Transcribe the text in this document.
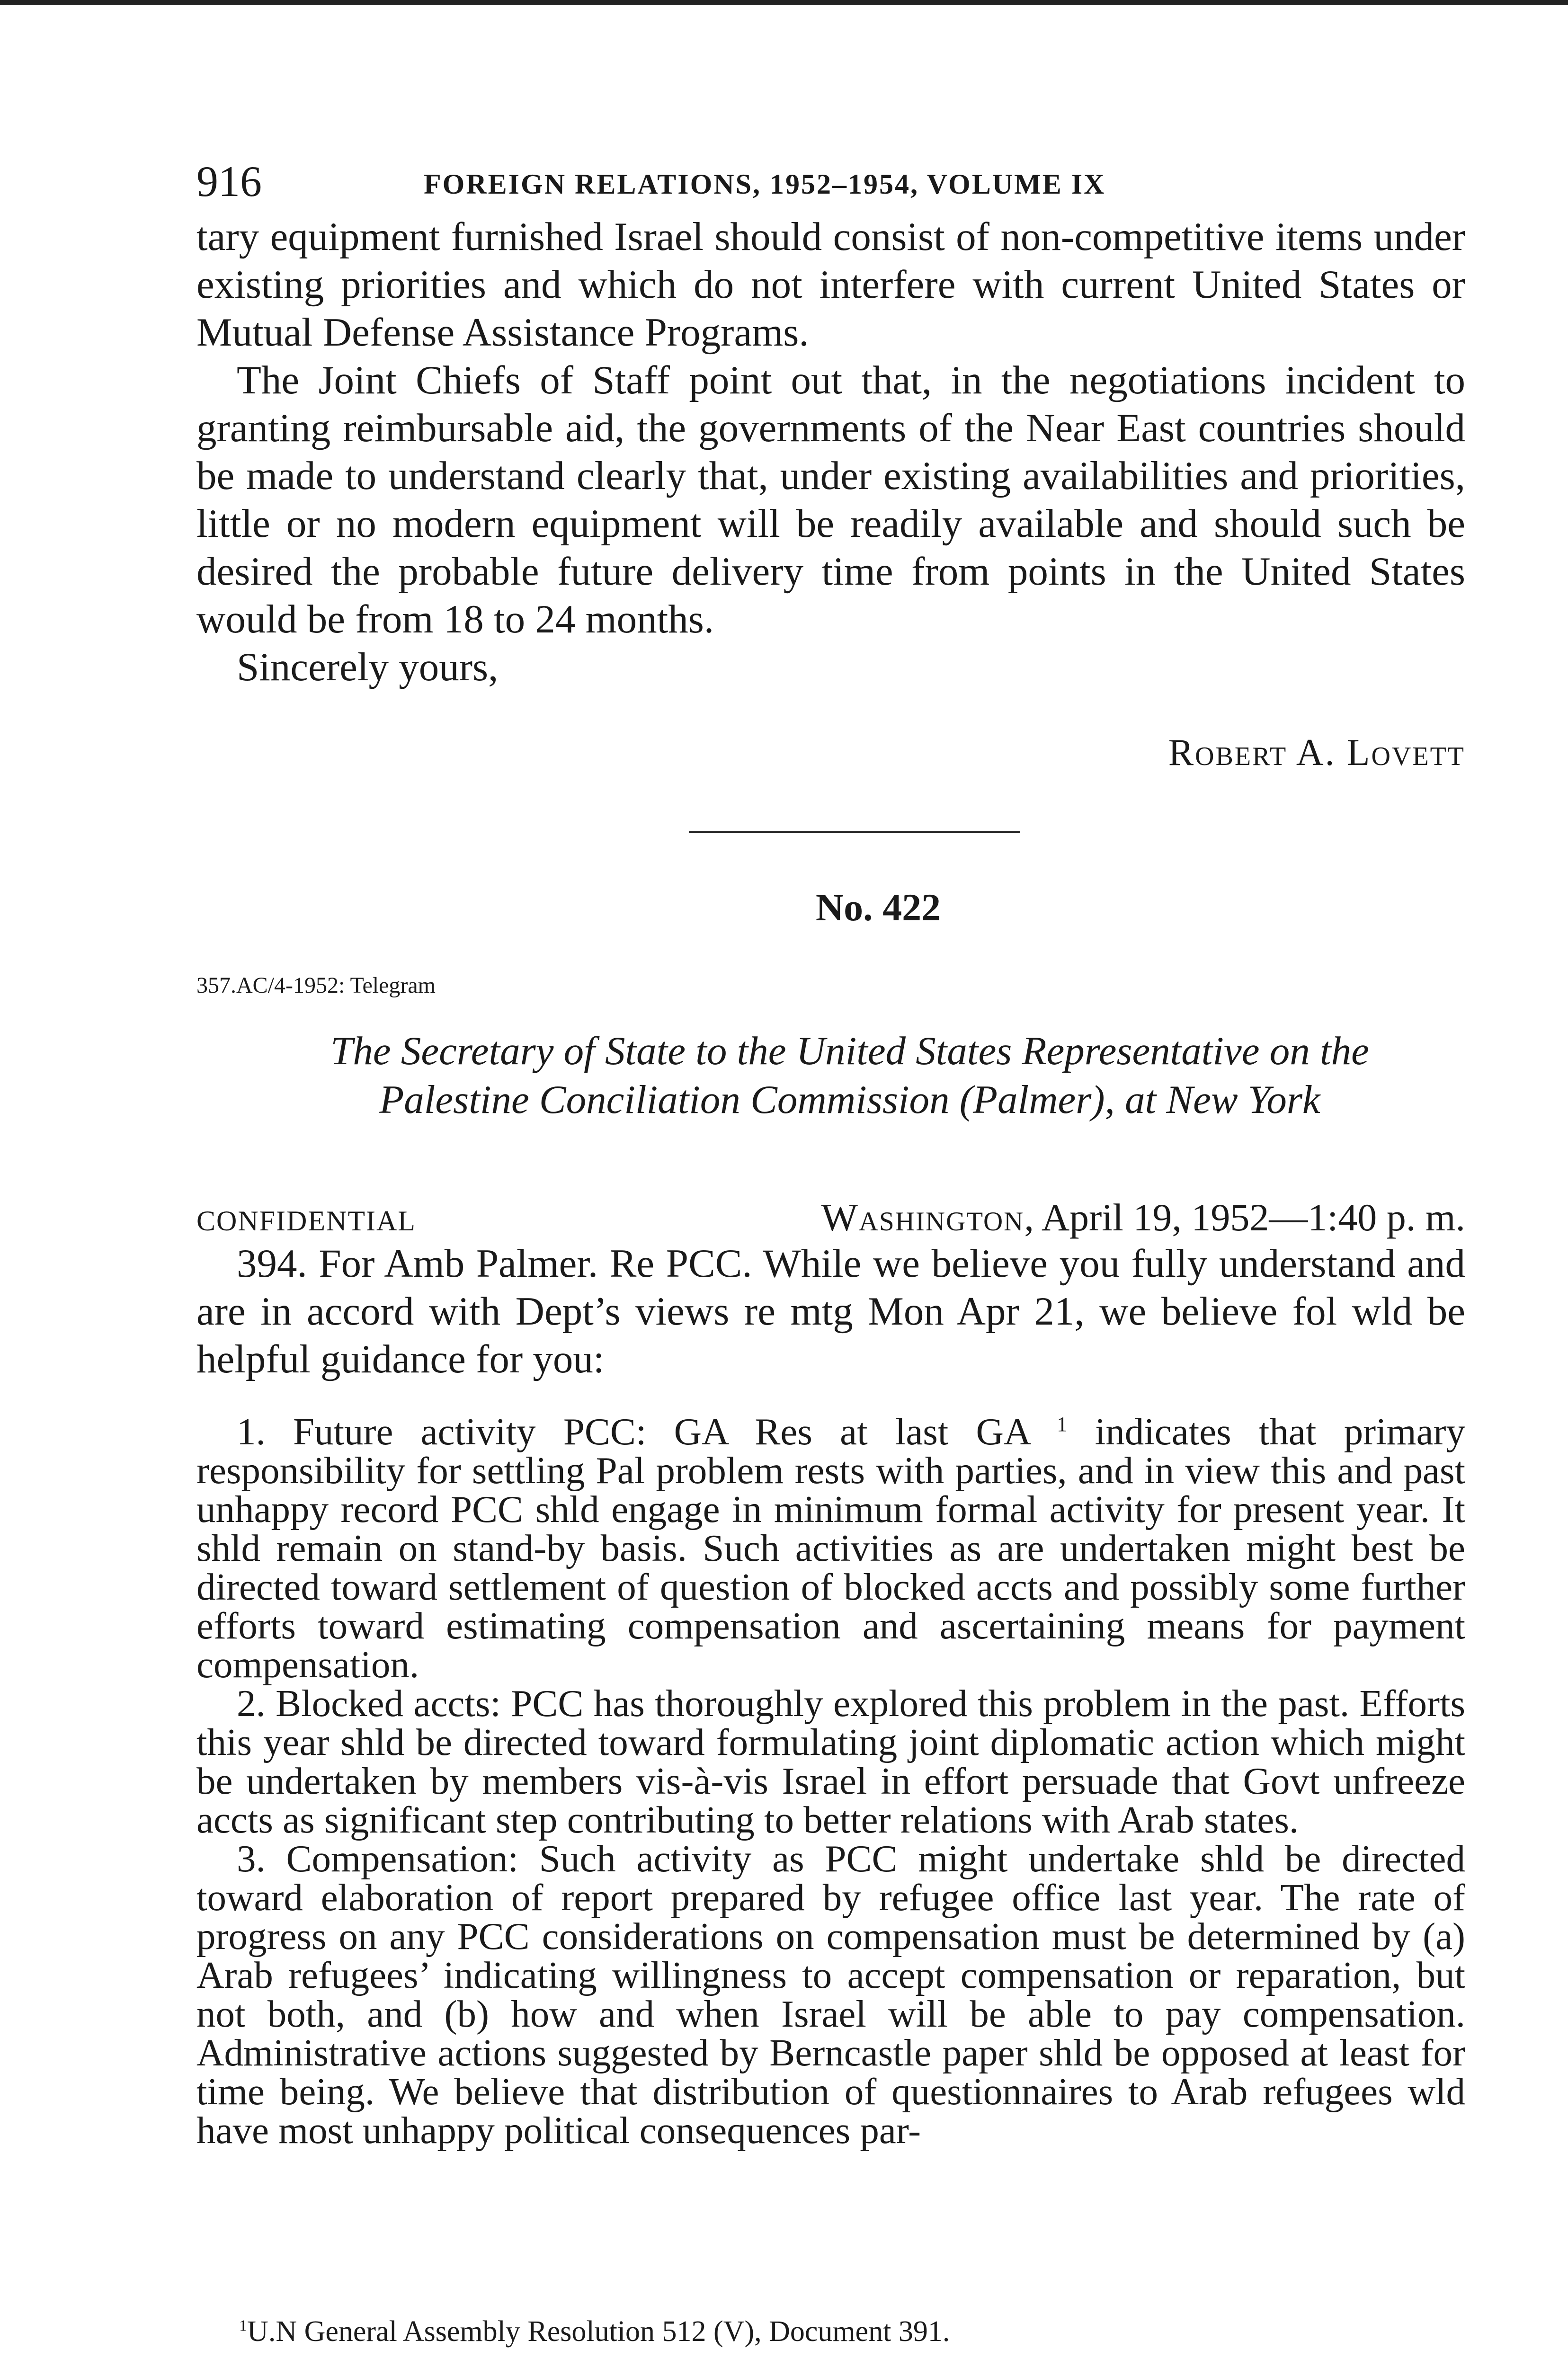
916	FOREIGN RELATIONS, 1952–1954, VOLUME IX

tary equipment furnished Israel should consist of non-competitive items under existing priorities and which do not interfere with current United States or Mutual Defense Assistance Programs.

The Joint Chiefs of Staff point out that, in the negotiations incident to granting reimbursable aid, the governments of the Near East countries should be made to understand clearly that, under existing availabilities and priorities, little or no modern equipment will be readily available and should such be desired the probable future delivery time from points in the United States would be from 18 to 24 months.

Sincerely yours,

Robert A. Lovett
No. 422
357.AC/4-1952: Telegram
The Secretary of State to the United States Representative on the
Palestine Conciliation Commission (Palmer), at New York
CONFIDENTIAL	Washington, April 19, 1952—1:40 p. m.

394. For Amb Palmer. Re PCC. While we believe you fully understand and are in accord with Dept’s views re mtg Mon Apr 21, we believe fol wld be helpful guidance for you:

1. Future activity PCC: GA Res at last GA $^1$ indicates that primary responsibility for settling Pal problem rests with parties, and in view this and past unhappy record PCC shld engage in minimum formal activity for present year. It shld remain on stand-by basis. Such activities as are undertaken might best be directed toward settlement of question of blocked accts and possibly some further efforts toward estimating compensation and ascertaining means for payment compensation.

2. Blocked accts: PCC has thoroughly explored this problem in the past. Efforts this year shld be directed toward formulating joint diplomatic action which might be undertaken by members vis-à-vis Israel in effort persuade that Govt unfreeze accts as significant step contributing to better relations with Arab states.

3. Compensation: Such activity as PCC might undertake shld be directed toward elaboration of report prepared by refugee office last year. The rate of progress on any PCC considerations on compensation must be determined by (a) Arab refugees’ indicating willingness to accept compensation or reparation, but not both, and (b) how and when Israel will be able to pay compensation. Administrative actions suggested by Berncastle paper shld be opposed at least for time being. We believe that distribution of questionnaires to Arab refugees wld have most unhappy political consequences par-

$^1$U.N General Assembly Resolution 512 (V), Document 391.
